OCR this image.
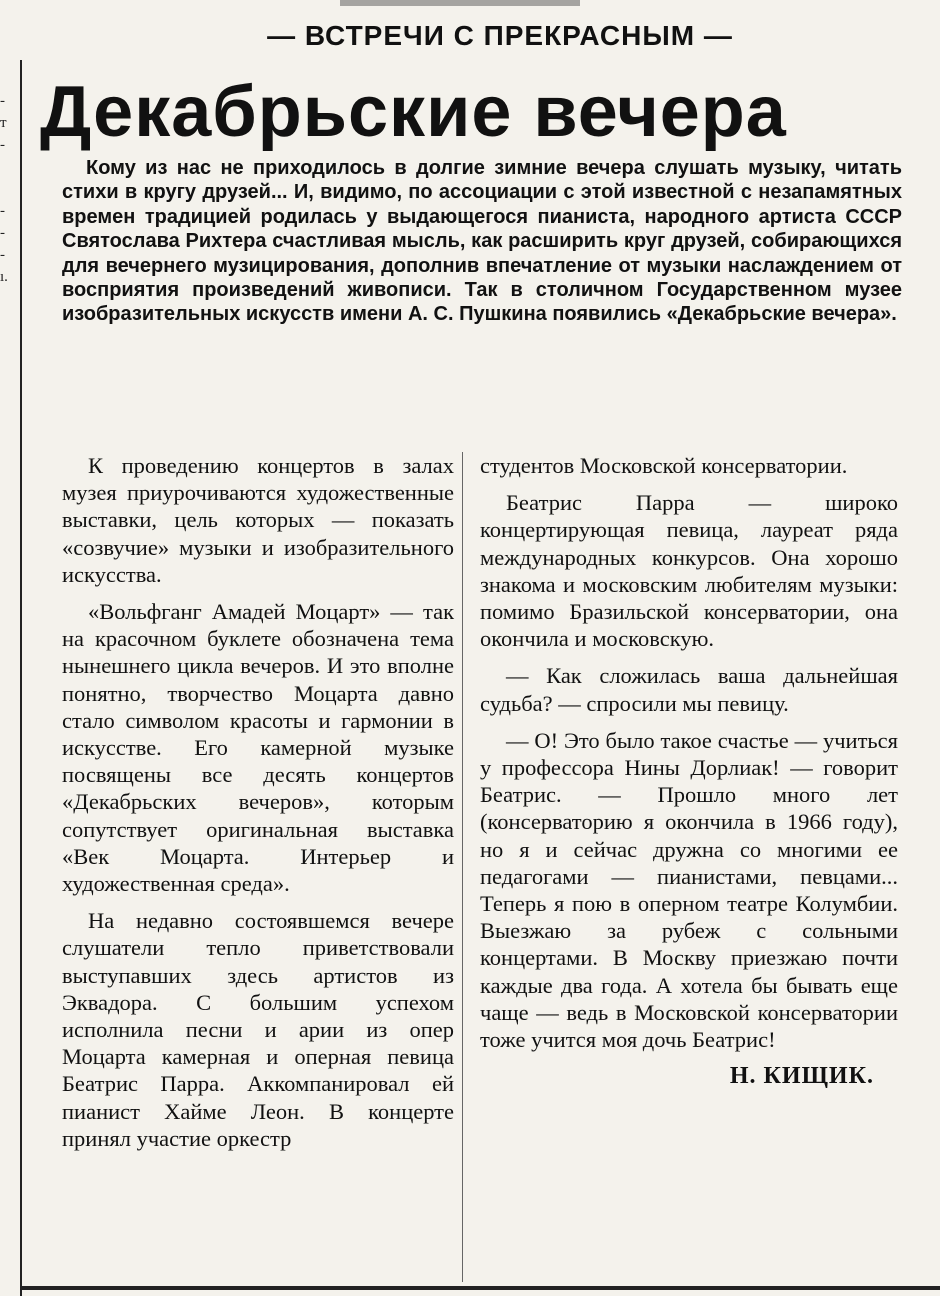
-
т
-
-
-
-
ı.
— ВСТРЕЧИ С ПРЕКРАСНЫМ —
Декабрьские вечера
Кому из нас не приходилось в долгие зимние вечера слушать музыку, читать стихи в кругу друзей... И, видимо, по ассоциации с этой известной с незапамятных времен традицией родилась у выдающегося пианиста, народного артиста СССР Святослава Рихтера счастливая мысль, как расширить круг друзей, собирающихся для вечернего музицирования, дополнив впечатление от музыки наслаждением от восприятия произведений живописи. Так в столичном Государственном музее изобразительных искусств имени А. С. Пушкина появились «Декабрьские вечера».

К проведению концертов в залах музея приурочиваются художественные выставки, цель которых — показать «созвучие» музыки и изобразительного искусства.

«Вольфганг Амадей Моцарт» — так на красочном буклете обозначена тема нынешнего цикла вечеров. И это вполне понятно, творчество Моцарта давно стало символом красоты и гармонии в искусстве. Его камерной музыке посвящены все десять концертов «Декабрьских вечеров», которым сопутствует оригинальная выставка «Век Моцарта. Интерьер и художественная среда».

На недавно состоявшемся вечере слушатели тепло приветствовали выступавших здесь артистов из Эквадора. С большим успехом исполнила песни и арии из опер Моцарта камерная и оперная певица Беатрис Парра. Аккомпанировал ей пианист Хайме Леон. В концерте принял участие оркестр

студентов Московской консерватории.

Беатрис Парра — широко концертирующая певица, лауреат ряда международных конкурсов. Она хорошо знакома и московским любителям музыки: помимо Бразильской консерватории, она окончила и московскую.

— Как сложилась ваша дальнейшая судьба? — спросили мы певицу.

— О! Это было такое счастье — учиться у профессора Нины Дорлиак! — говорит Беатрис. — Прошло много лет (консерваторию я окончила в 1966 году), но я и сейчас дружна со многими ее педагогами — пианистами, певцами... Теперь я пою в оперном театре Колумбии. Выезжаю за рубеж с сольными концертами. В Москву приезжаю почти каждые два года. А хотела бы бывать еще чаще — ведь в Московской консерватории тоже учится моя дочь Беатрис!

Н. КИЩИК.
